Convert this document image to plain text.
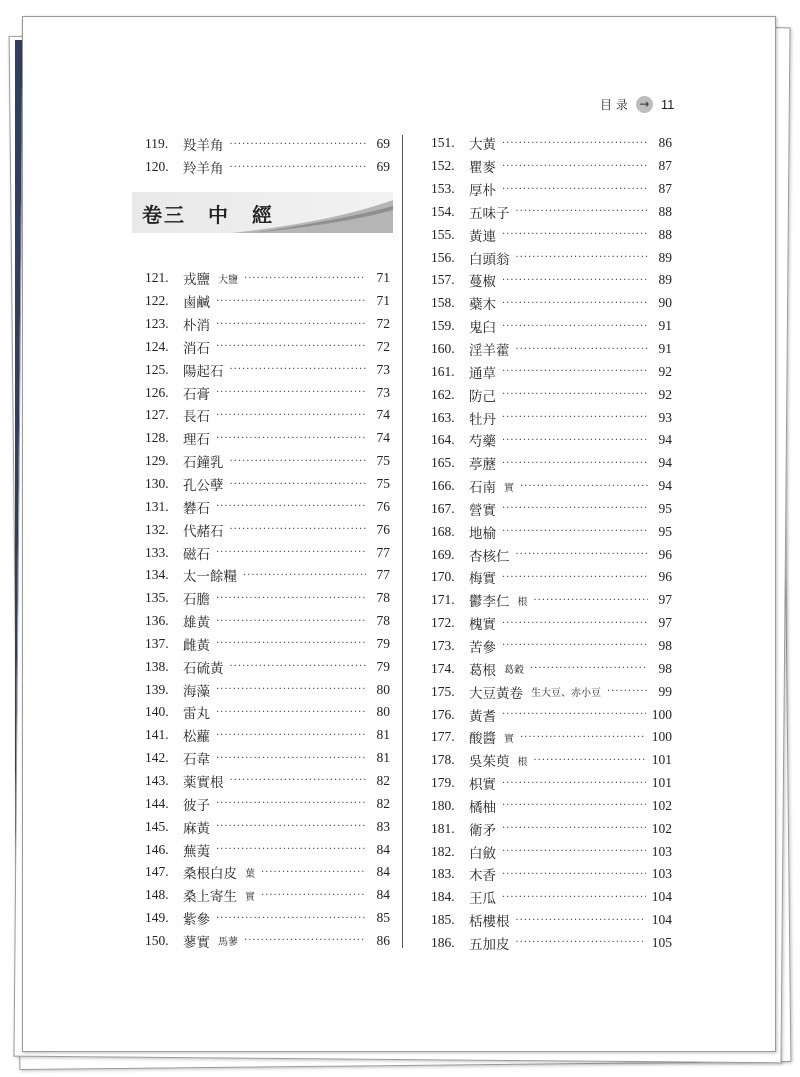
目 录 → 11
119.	羖羊角 ·····	69
120.	羚羊角 ·····	69
卷三　中　經
121.	戎鹽 大鹽 ·····	71
122.	鹵鹹 ·····	71
123.	朴消 ·····	72
124.	消石 ·····	72
125.	陽起石 ·····	73
126.	石膏 ·····	73
127.	長石 ·····	74
128.	理石 ·····	74
129.	石鐘乳 ·····	75
130.	孔公孽 ·····	75
131.	礬石 ·····	76
132.	代赭石 ·····	76
133.	磁石 ·····	77
134.	太一餘糧 ·····	77
135.	石膽 ·····	78
136.	雄黃 ·····	78
137.	雌黃 ·····	79
138.	石硫黃 ·····	79
139.	海藻 ·····	80
140.	雷丸 ·····	80
141.	松蘿 ·····	81
142.	石韋 ·····	81
143.	薬實根 ·····	82
144.	彼子 ·····	82
145.	麻黃 ·····	83
146.	蕪荑 ·····	84
147.	桑根白皮 葉 ·····	84
148.	桑上寄生 實 ·····	84
149.	紫參 ·····	85
150.	蓼實 馬蓼 ·····	86
151.	大黃 ·····	86
152.	瞿麥 ·····	87
153.	厚朴 ·····	87
154.	五味子 ·····	88
155.	黃連 ·····	88
156.	白頭翁 ·····	89
157.	蔓椒 ·····	89
158.	蘗木 ·····	90
159.	鬼臼 ·····	91
160.	淫羊藿 ·····	91
161.	通草 ·····	92
162.	防己 ·····	92
163.	牡丹 ·····	93
164.	芍藥 ·····	94
165.	葶藶 ·····	94
166.	石南 實 ·····	94
167.	營實 ·····	95
168.	地榆 ·····	95
169.	杏核仁 ·····	96
170.	梅實 ·····	96
171.	鬱李仁 根 ·····	97
172.	槐實 ·····	97
173.	苦參 ·····	98
174.	葛根 葛穀 ·····	98
175.	大豆黃卷 生大豆、赤小豆 ·····	99
176.	黃耆 ·····	100
177.	酸醬 實 ·····	100
178.	吳茱萸 根 ·····	101
179.	枳實 ·····	101
180.	橘柚 ·····	102
181.	衛矛 ·····	102
182.	白斂 ·····	103
183.	木香 ·····	103
184.	王瓜 ·····	104
185.	栝樓根 ·····	104
186.	五加皮 ·····	105
